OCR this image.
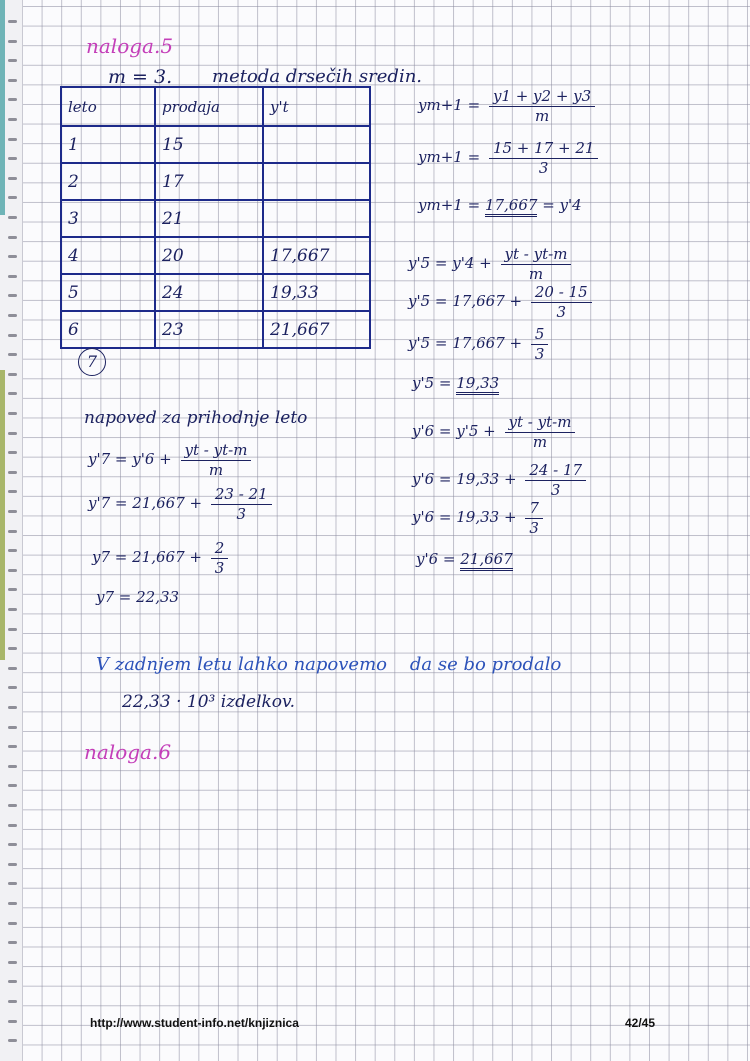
naloga.5
m = 3. metoda drsečih sredin.
leto	prodaja	y't
1	15	
2	17	
3	21	
4	20	17,667
5	24	19,33
6	23	21,667
$ym+1 = \frac{y1 + y2 + y3}{m}$
$ym+1 = \frac{15 + 17 + 21}{3}$
ym+1 = 17,667 = y'4
$y'5 = y'4 + \frac{yt - yt-m}{m}$
$y'5 = 17,667 + \frac{20 - 15}{3}$
$y'5 = 17,667 + \frac{5}{3}$
y'5 = 19,33
$y'6 = y'5 + \frac{yt - yt-m}{m}$
$y'6 = 19,33 + \frac{24 - 17}{3}$
$y'6 = 19,33 + \frac{7}{3}$
y'6 = 21,667
7
napoved za prihodnje leto
$y'7 = y'6 + \frac{yt - yt-m}{m}$
$y'7 = 21,667 + \frac{23 - 21}{3}$
$y7 = 21,667 + \frac{2}{3}$
y7 = 22,33
V zadnjem letu lahko napovemo da se bo prodalo
22,33 · 10³ izdelkov.
naloga.6
http://www.student-info.net/knjiznica	42/45
